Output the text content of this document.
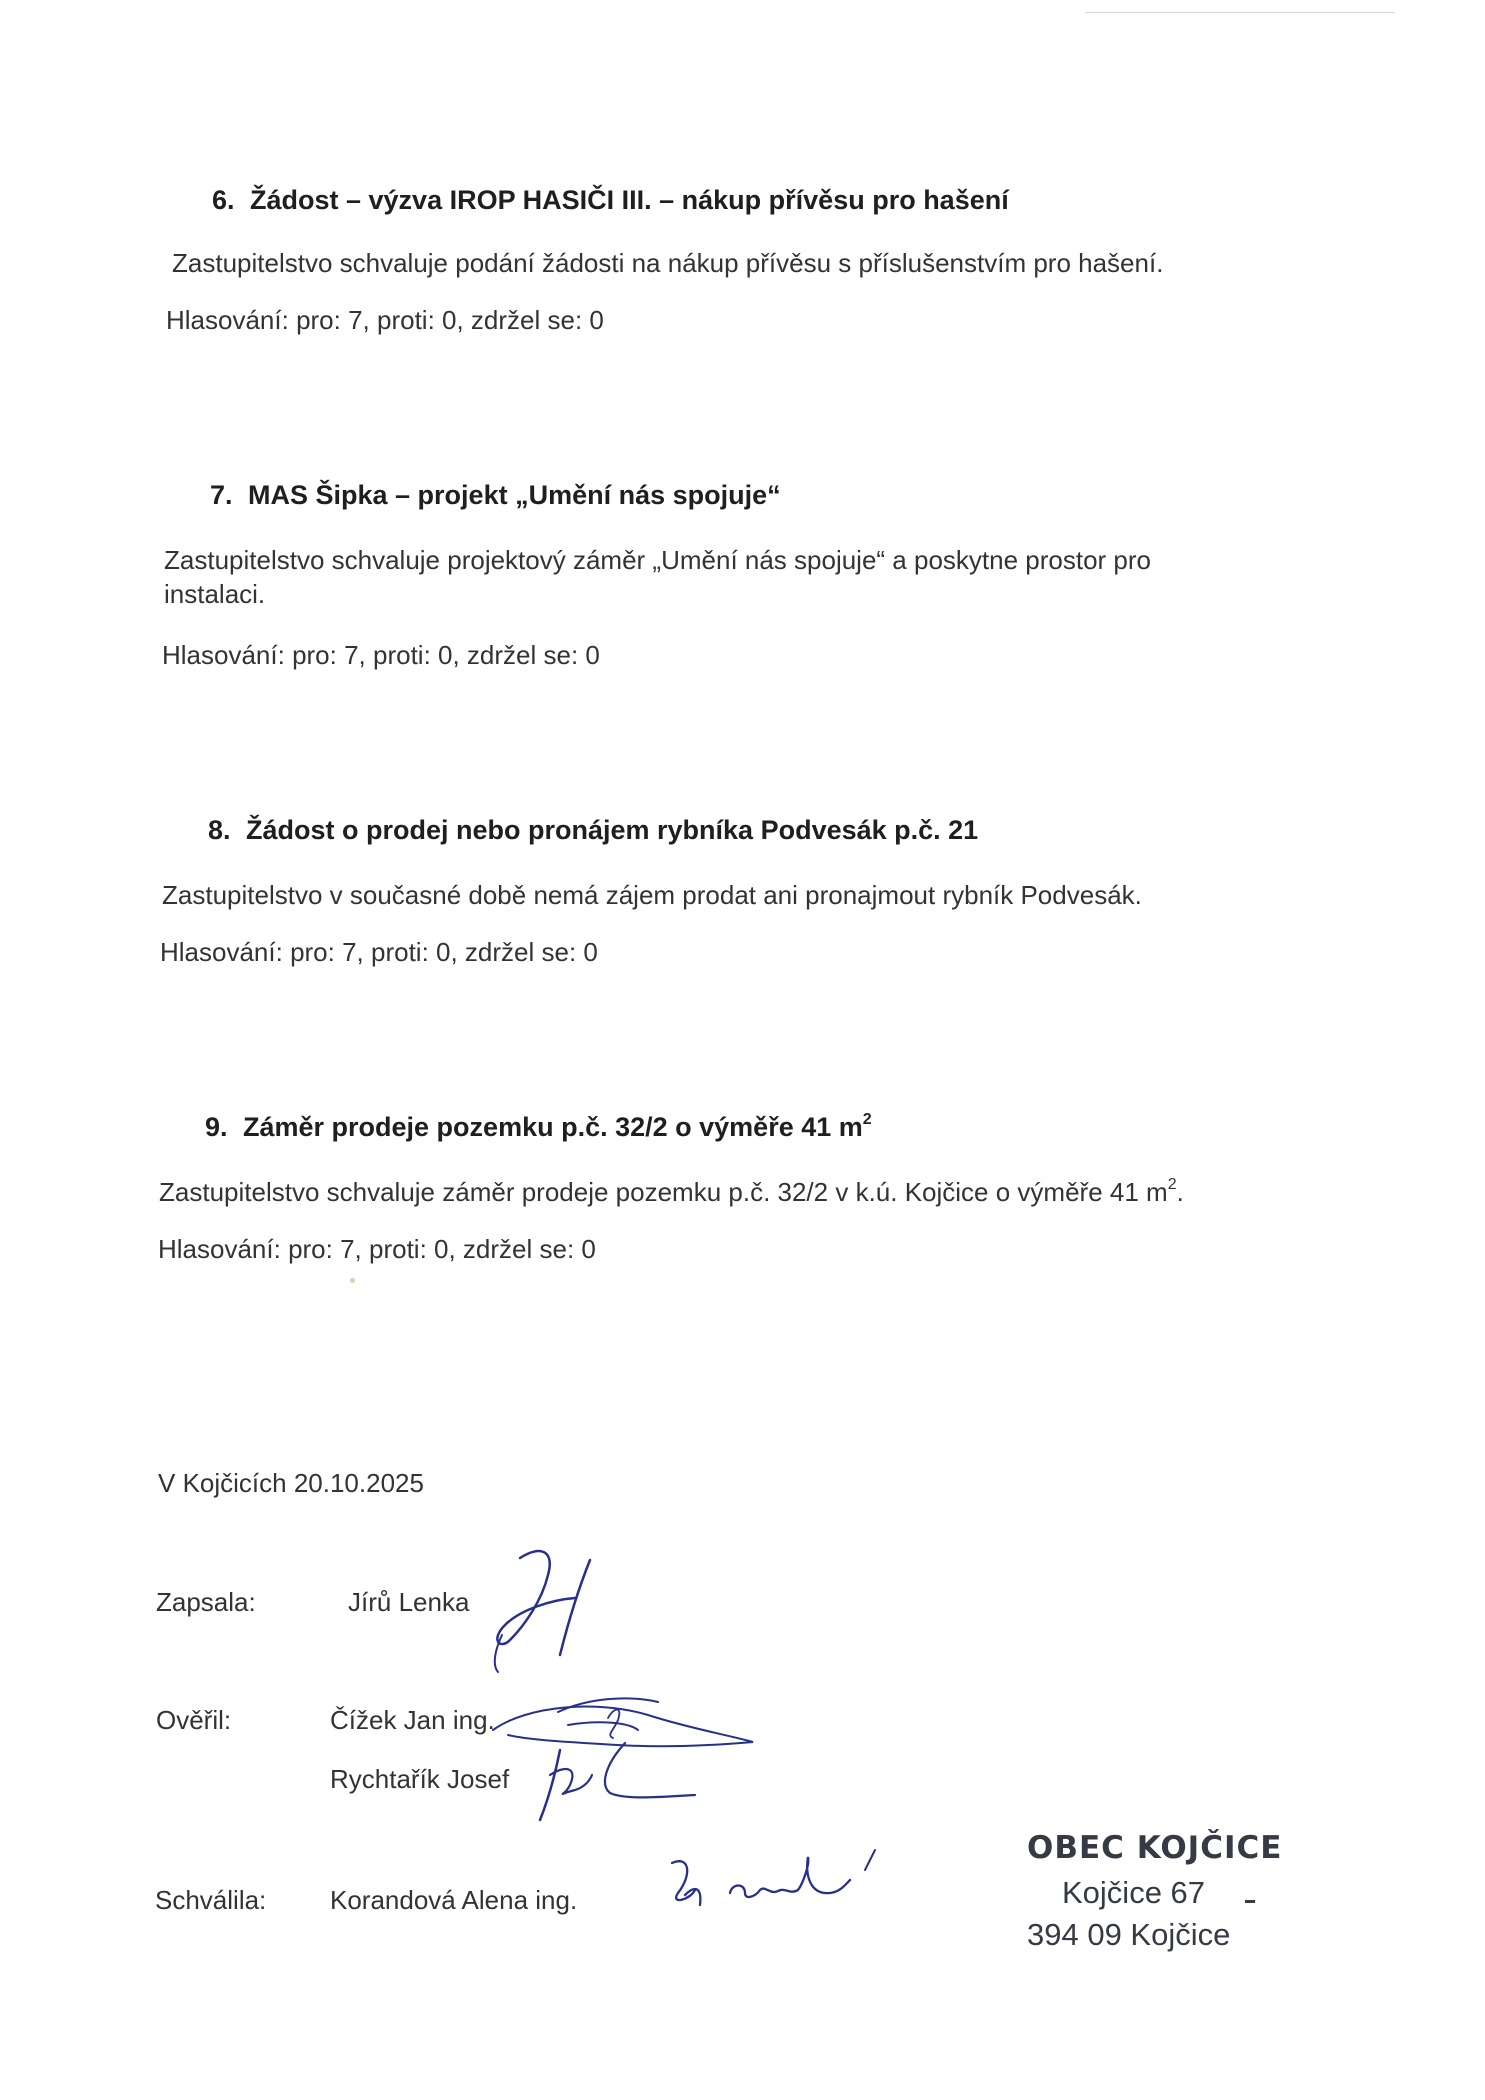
6. Žádost – výzva IROP HASIČI III. – nákup přívěsu pro hašení
Zastupitelstvo schvaluje podání žádosti na nákup přívěsu s příslušenstvím pro hašení.
Hlasování: pro: 7, proti: 0, zdržel se: 0
7. MAS Šipka – projekt „Umění nás spojuje“
Zastupitelstvo schvaluje projektový záměr „Umění nás spojuje“ a poskytne prostor pro
instalaci.
Hlasování: pro: 7, proti: 0, zdržel se: 0
8. Žádost o prodej nebo pronájem rybníka Podvesák p.č. 21
Zastupitelstvo v současné době nemá zájem prodat ani pronajmout rybník Podvesák.
Hlasování: pro: 7, proti: 0, zdržel se: 0
9. Záměr prodeje pozemku p.č. 32/2 o výměře 41 $m^2$
Zastupitelstvo schvaluje záměr prodeje pozemku p.č. 32/2 v k.ú. Kojčice o výměře 41 $m^2$.
Hlasování: pro: 7, proti: 0, zdržel se: 0
V Kojčicích 20.10.2025
Zapsala:	Jírů Lenka
Ověřil:	Čížek Jan ing.
Rychtařík Josef
Schválila: Korandová Alena ing.
OBEC KOJČICE
Kojčice 67
394 09 Kojčice
